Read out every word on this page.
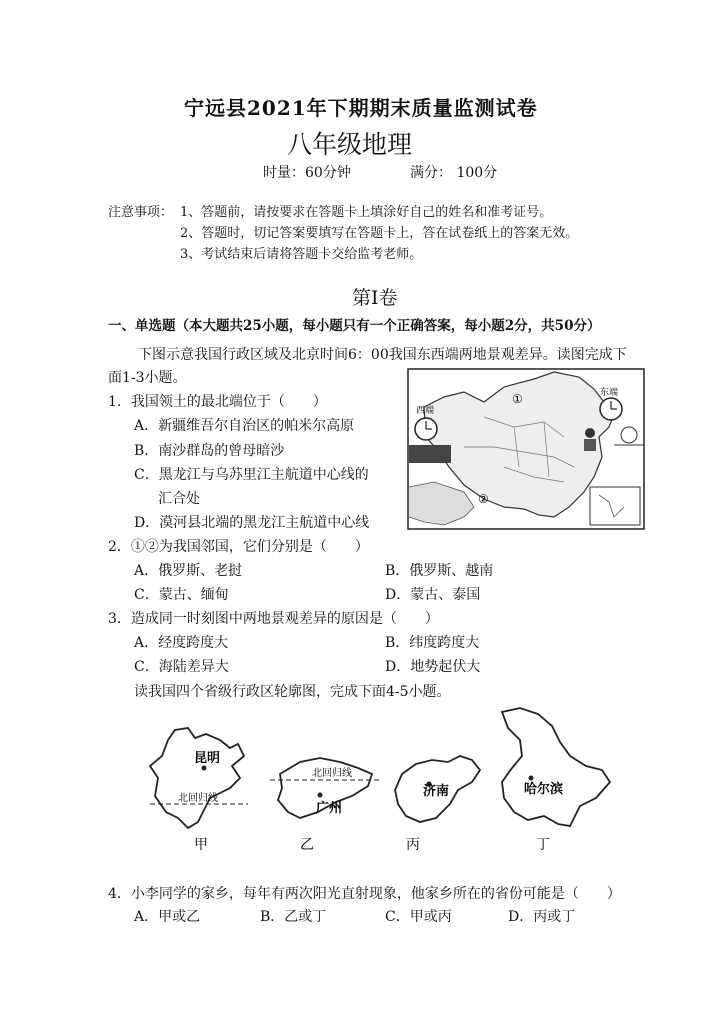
宁远县2021年下期期末质量监测试卷
八年级地理
时量：60分钟	满分： 100分
注意事项： 1、答题前，请按要求在答题卡上填涂好自己的姓名和准考证号。
2、答题时，切记答案要填写在答题卡上，答在试卷纸上的答案无效。
3、考试结束后请将答题卡交给监考老师。
第Ⅰ卷
一、单选题（本大题共25小题，每小题只有一个正确答案，每小题2分，共50分）
下图示意我国行政区域及北京时间6：00我国东西端两地景观差异。读图完成下
面1-3小题。
西端
东端
①
②
1．我国领土的最北端位于（　　）
A．新疆维吾尔自治区的帕米尔高原
B．南沙群岛的曾母暗沙
C．黑龙江与乌苏里江主航道中心线的
汇合处
D．漠河县北端的黑龙江主航道中心线
2．①②为我国邻国，它们分别是（　　）
A．俄罗斯、老挝	B．俄罗斯、越南
C．蒙古、缅甸	D．蒙古、泰国
3．造成同一时刻图中两地景观差异的原因是（　　）
A．经度跨度大	B．纬度跨度大
C．海陆差异大	D．地势起伏大
读我国四个省级行政区轮廓图，完成下面4-5小题。
昆明
北回归线
甲
北回归线
广州
乙
济南
丙
哈尔滨
丁
4．小李同学的家乡，每年有两次阳光直射现象，他家乡所在的省份可能是（　　）
A．甲或乙	B．乙或丁	C．甲或丙	D．丙或丁
